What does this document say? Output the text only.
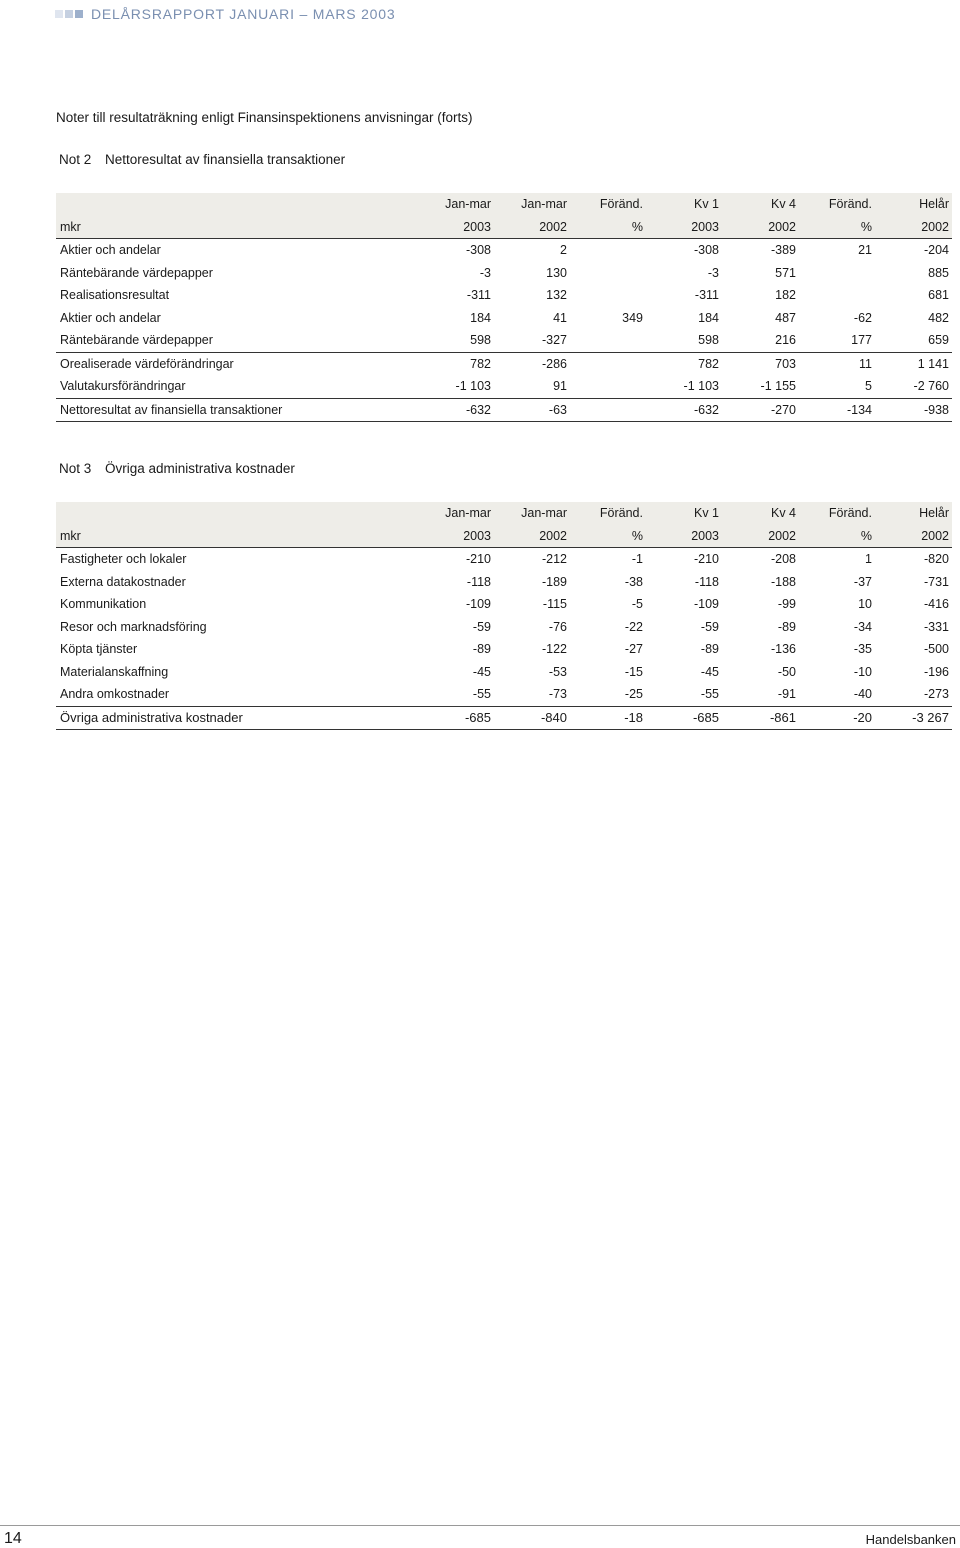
DELÅRSRAPPORT JANUARI – MARS 2003
Noter till resultaträkning enligt Finansinspektionens anvisningar (forts)
Not 2	Nettoresultat av finansiella transaktioner
	Jan-mar	Jan-mar	Föränd.	Kv 1	Kv 4	Föränd.	Helår
mkr	2003	2002	%	2003	2002	%	2002
Aktier och andelar	-308	2		-308	-389	21	-204
Räntebärande värdepapper	-3	130		-3	571		885
Realisationsresultat	-311	132		-311	182		681
Aktier och andelar	184	41	349	184	487	-62	482
Räntebärande värdepapper	598	-327		598	216	177	659
Orealiserade värdeförändringar	782	-286		782	703	11	1 141
Valutakursförändringar	-1 103	91		-1 103	-1 155	5	-2 760
Nettoresultat av finansiella transaktioner	-632	-63		-632	-270	-134	-938
Not 3	Övriga administrativa kostnader
	Jan-mar	Jan-mar	Föränd.	Kv 1	Kv 4	Föränd.	Helår
mkr	2003	2002	%	2003	2002	%	2002
Fastigheter och lokaler	-210	-212	-1	-210	-208	1	-820
Externa datakostnader	-118	-189	-38	-118	-188	-37	-731
Kommunikation	-109	-115	-5	-109	-99	10	-416
Resor och marknadsföring	-59	-76	-22	-59	-89	-34	-331
Köpta tjänster	-89	-122	-27	-89	-136	-35	-500
Materialanskaffning	-45	-53	-15	-45	-50	-10	-196
Andra omkostnader	-55	-73	-25	-55	-91	-40	-273
Övriga administrativa kostnader	-685	-840	-18	-685	-861	-20	-3 267
14	Handelsbanken
